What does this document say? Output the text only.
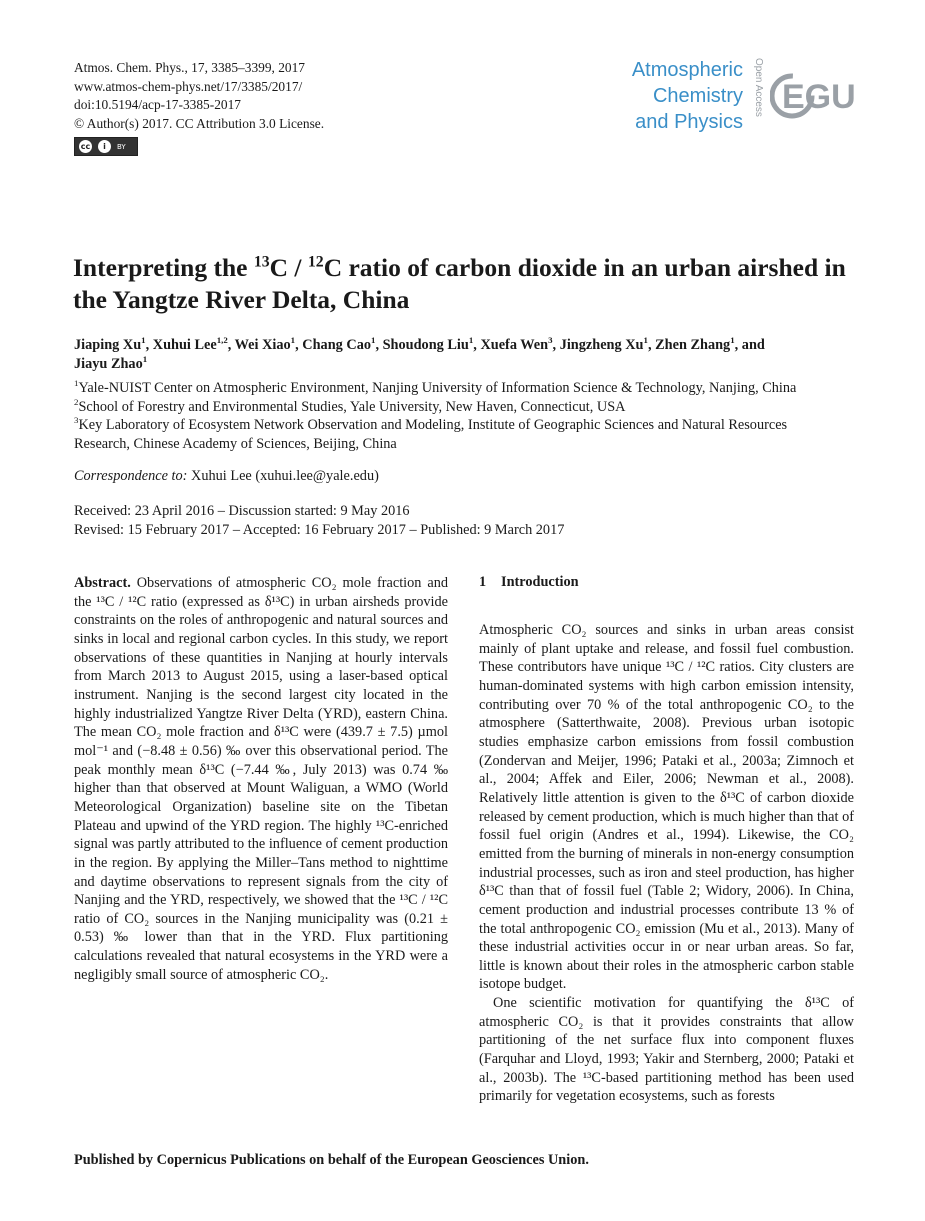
Atmos. Chem. Phys., 17, 3385–3399, 2017
www.atmos-chem-phys.net/17/3385/2017/
doi:10.5194/acp-17-3385-2017
© Author(s) 2017. CC Attribution 3.0 License.
cc	i	BY
Atmospheric
Chemistry
and Physics
Open Access EGU
Interpreting the $^{13}$C / $^{12}$C ratio of carbon dioxide in an urban airshed in the Yangtze River Delta, China
Jiaping Xu$^1$, Xuhui Lee$^{1,2}$, Wei Xiao$^1$, Chang Cao$^1$, Shoudong Liu$^1$, Xuefa Wen$^3$, Jingzheng Xu$^1$, Zhen Zhang$^1$, and
Jiayu Zhao$^1$
$^1$Yale-NUIST Center on Atmospheric Environment, Nanjing University of Information Science & Technology, Nanjing, China
$^2$School of Forestry and Environmental Studies, Yale University, New Haven, Connecticut, USA
$^3$Key Laboratory of Ecosystem Network Observation and Modeling, Institute of Geographic Sciences and Natural Resources
Research, Chinese Academy of Sciences, Beijing, China
Correspondence to: Xuhui Lee (xuhui.lee@yale.edu)
Received: 23 April 2016 – Discussion started: 9 May 2016
Revised: 15 February 2017 – Accepted: 16 February 2017 – Published: 9 March 2017
Abstract. Observations of atmospheric CO₂ mole fraction and the ¹³C / ¹²C ratio (expressed as δ¹³C) in urban airsheds provide constraints on the roles of anthropogenic and natural sources and sinks in local and regional carbon cycles. In this study, we report observations of these quantities in Nanjing at hourly intervals from March 2013 to August 2015, using a laser-based optical instrument. Nanjing is the second largest city located in the highly industrialized Yangtze River Delta (YRD), eastern China. The mean CO₂ mole fraction and δ¹³C were (439.7 ± 7.5) µmol mol⁻¹ and (−8.48 ± 0.56) ‰ over this observational period. The peak monthly mean δ¹³C (−7.44 ‰, July 2013) was 0.74 ‰ higher than that observed at Mount Waliguan, a WMO (World Meteorological Organization) baseline site on the Tibetan Plateau and upwind of the YRD region. The highly ¹³C-enriched signal was partly attributed to the influence of cement production in the region. By applying the Miller–Tans method to nighttime and daytime observations to represent signals from the city of Nanjing and the YRD, respectively, we showed that the ¹³C / ¹²C ratio of CO₂ sources in the Nanjing municipality was (0.21 ± 0.53) ‰ lower than that in the YRD. Flux partitioning calculations revealed that natural ecosystems in the YRD were a negligibly small source of atmospheric CO₂.
1 Introduction
Atmospheric CO₂ sources and sinks in urban areas consist mainly of plant uptake and release, and fossil fuel combustion. These contributors have unique ¹³C / ¹²C ratios. City clusters are human-dominated systems with high carbon emission intensity, contributing over 70 % of the total anthropogenic CO₂ to the atmosphere (Satterthwaite, 2008). Previous urban isotopic studies emphasize carbon emissions from fossil combustion (Zondervan and Meijer, 1996; Pataki et al., 2003a; Zimnoch et al., 2004; Affek and Eiler, 2006; Newman et al., 2008). Relatively little attention is given to the δ¹³C of carbon dioxide released by cement production, which is much higher than that of fossil fuel origin (Andres et al., 1994). Likewise, the CO₂ emitted from the burning of minerals in non-energy consumption industrial processes, such as iron and steel production, has higher δ¹³C than that of fossil fuel (Table 2; Widory, 2006). In China, cement production and industrial processes contribute 13 % of the total anthropogenic CO₂ emission (Mu et al., 2013). Many of these industrial activities occur in or near urban areas. So far, little is known about their roles in the atmospheric carbon stable isotope budget.
One scientific motivation for quantifying the δ¹³C of atmospheric CO₂ is that it provides constraints that allow partitioning of the net surface flux into component fluxes (Farquhar and Lloyd, 1993; Yakir and Sternberg, 2000; Pataki et al., 2003b). The ¹³C-based partitioning method has been used primarily for vegetation ecosystems, such as forests
Published by Copernicus Publications on behalf of the European Geosciences Union.
